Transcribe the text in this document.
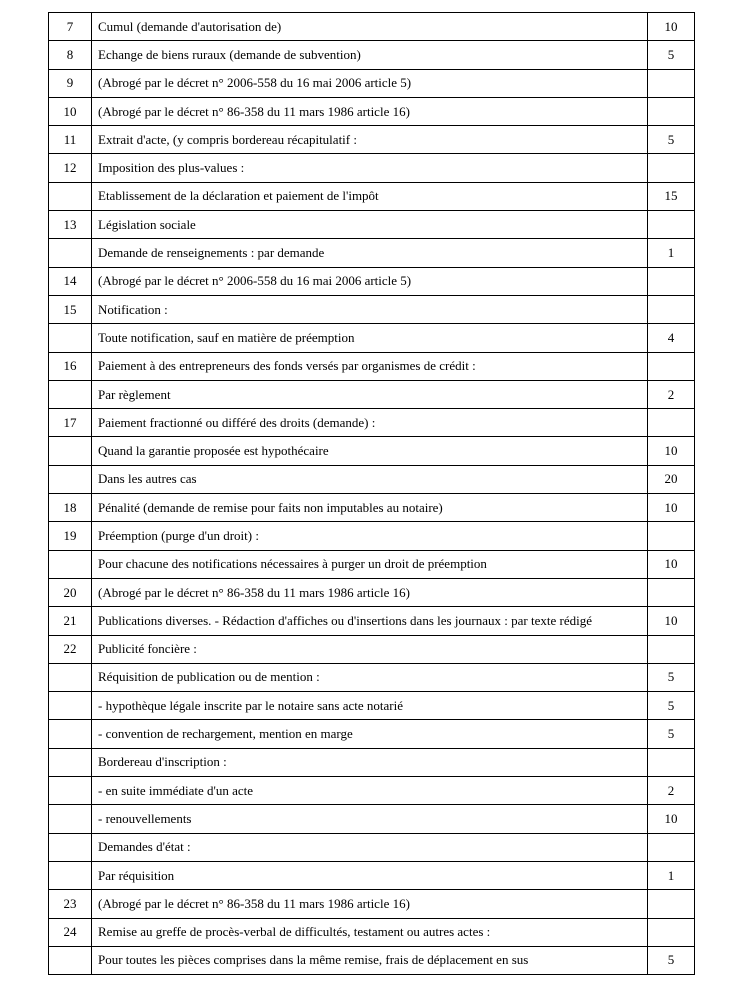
7	Cumul (demande d'autorisation de)	10
8	Echange de biens ruraux (demande de subvention)	5
9	(Abrogé par le décret n° 2006-558 du 16 mai 2006 article 5)	
10	(Abrogé par le décret n° 86-358 du 11 mars 1986 article 16)	
11	Extrait d'acte, (y compris bordereau récapitulatif :	5
12	Imposition des plus-values :	
	Etablissement de la déclaration et paiement de l'impôt	15
13	Législation sociale	
	Demande de renseignements : par demande	1
14	(Abrogé par le décret n° 2006-558 du 16 mai 2006 article 5)	
15	Notification :	
	Toute notification, sauf en matière de préemption	4
16	Paiement à des entrepreneurs des fonds versés par organismes de crédit :	
	Par règlement	2
17	Paiement fractionné ou différé des droits (demande) :	
	Quand la garantie proposée est hypothécaire	10
	Dans les autres cas	20
18	Pénalité (demande de remise pour faits non imputables au notaire)	10
19	Préemption (purge d'un droit) :	
	Pour chacune des notifications nécessaires à purger un droit de préemption	10
20	(Abrogé par le décret n° 86-358 du 11 mars 1986 article 16)	
21	Publications diverses. - Rédaction d'affiches ou d'insertions dans les journaux : par texte rédigé	10
22	Publicité foncière :	
	Réquisition de publication ou de mention :	5
	- hypothèque légale inscrite par le notaire sans acte notarié	5
	- convention de rechargement, mention en marge	5
	Bordereau d'inscription :	
	- en suite immédiate d'un acte	2
	- renouvellements	10
	Demandes d'état :	
	Par réquisition	1
23	(Abrogé par le décret n° 86-358 du 11 mars 1986 article 16)	
24	Remise au greffe de procès-verbal de difficultés, testament ou autres actes :	
	Pour toutes les pièces comprises dans la même remise, frais de déplacement en sus	5
